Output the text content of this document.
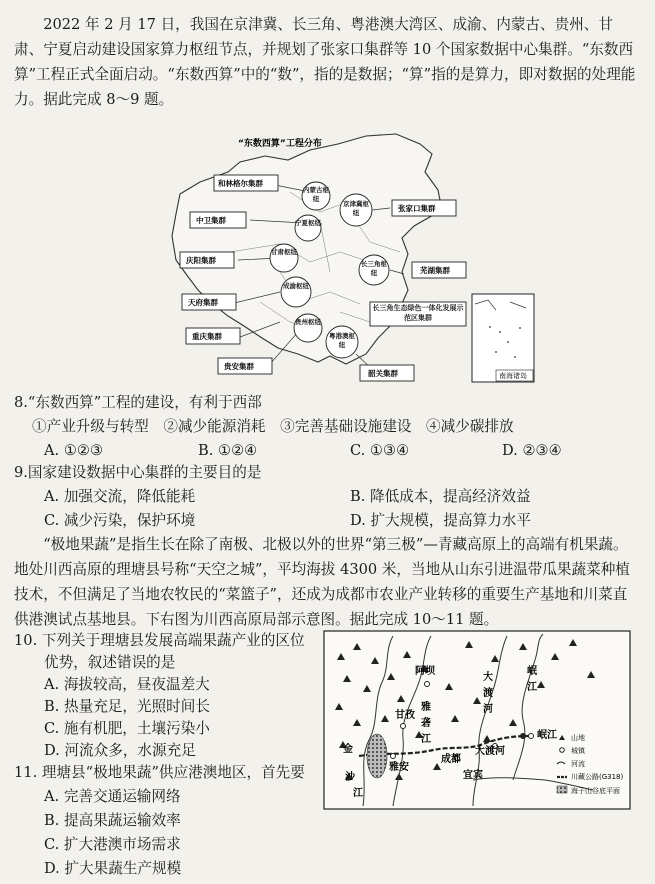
2022 年 2 月 17 日，我国在京津冀、长三角、粤港澳大湾区、成渝、内蒙古、贵州、甘肃、宁夏启动建设国家算力枢纽节点，并规划了张家口集群等 10 个国家数据中心集群。“东数西算”工程正式全面启动。“东数西算”中的“数”，指的是数据；“算”指的是算力，即对数据的处理能力。据此完成 8～9 题。
“东数西算”工程分布
和林格尔集群
中卫集群
庆阳集群
天府集群
重庆集群
贵安集群
韶关集群
芜湖集群
张家口集群
长三角生态绿色一体化发展示范区集群
内蒙古枢纽
宁夏枢纽
甘肃枢纽
成渝枢纽
贵州枢纽
京津冀枢纽
长三角枢纽
粤港澳枢纽
南海诸岛
8.“东数西算”工程的建设，有利于西部
①产业升级与转型　②减少能源消耗　③完善基础设施建设　④减少碳排放
A. ①②③	B. ①②④	C. ①③④	D. ②③④
9.国家建设数据中心集群的主要目的是
A. 加强交流，降低能耗	B. 降低成本，提高经济效益
C. 减少污染，保护环境	D. 扩大规模，提高算力水平
“极地果蔬”是指生长在除了南极、北极以外的世界“第三极”—青藏高原上的高端有机果蔬。地处川西高原的理塘县号称“天空之城”，平均海拔 4300 米，当地从山东引进温带瓜果蔬菜种植技术，不但满足了当地农牧民的“菜篮子”，还成为成都市农业产业转移的重要生产基地和川菜直供港澳试点基地县。下右图为川西高原局部示意图。据此完成 10～11 题。
10. 下列关于理塘县发展高端果蔬产业的区位
优势，叙述错误的是
A. 海拔较高，昼夜温差大
B. 热量充足，光照时间长
C. 施有机肥，土壤污染小
D. 河流众多，水源充足
11. 理塘县“极地果蔬”供应港澳地区，首先要
A. 完善交通运输网络
B. 提高果蔬运输效率
C. 扩大港澳市场需求
D. 扩大果蔬生产规模
阿坝
甘孜
雅
砻
江
金
沙
江
雅安
成都
大渡河
岷江
宜宾
大
渡
河
岷
江
山地
城镇
河流
川藏公路(G318)
海子山谷底平面
